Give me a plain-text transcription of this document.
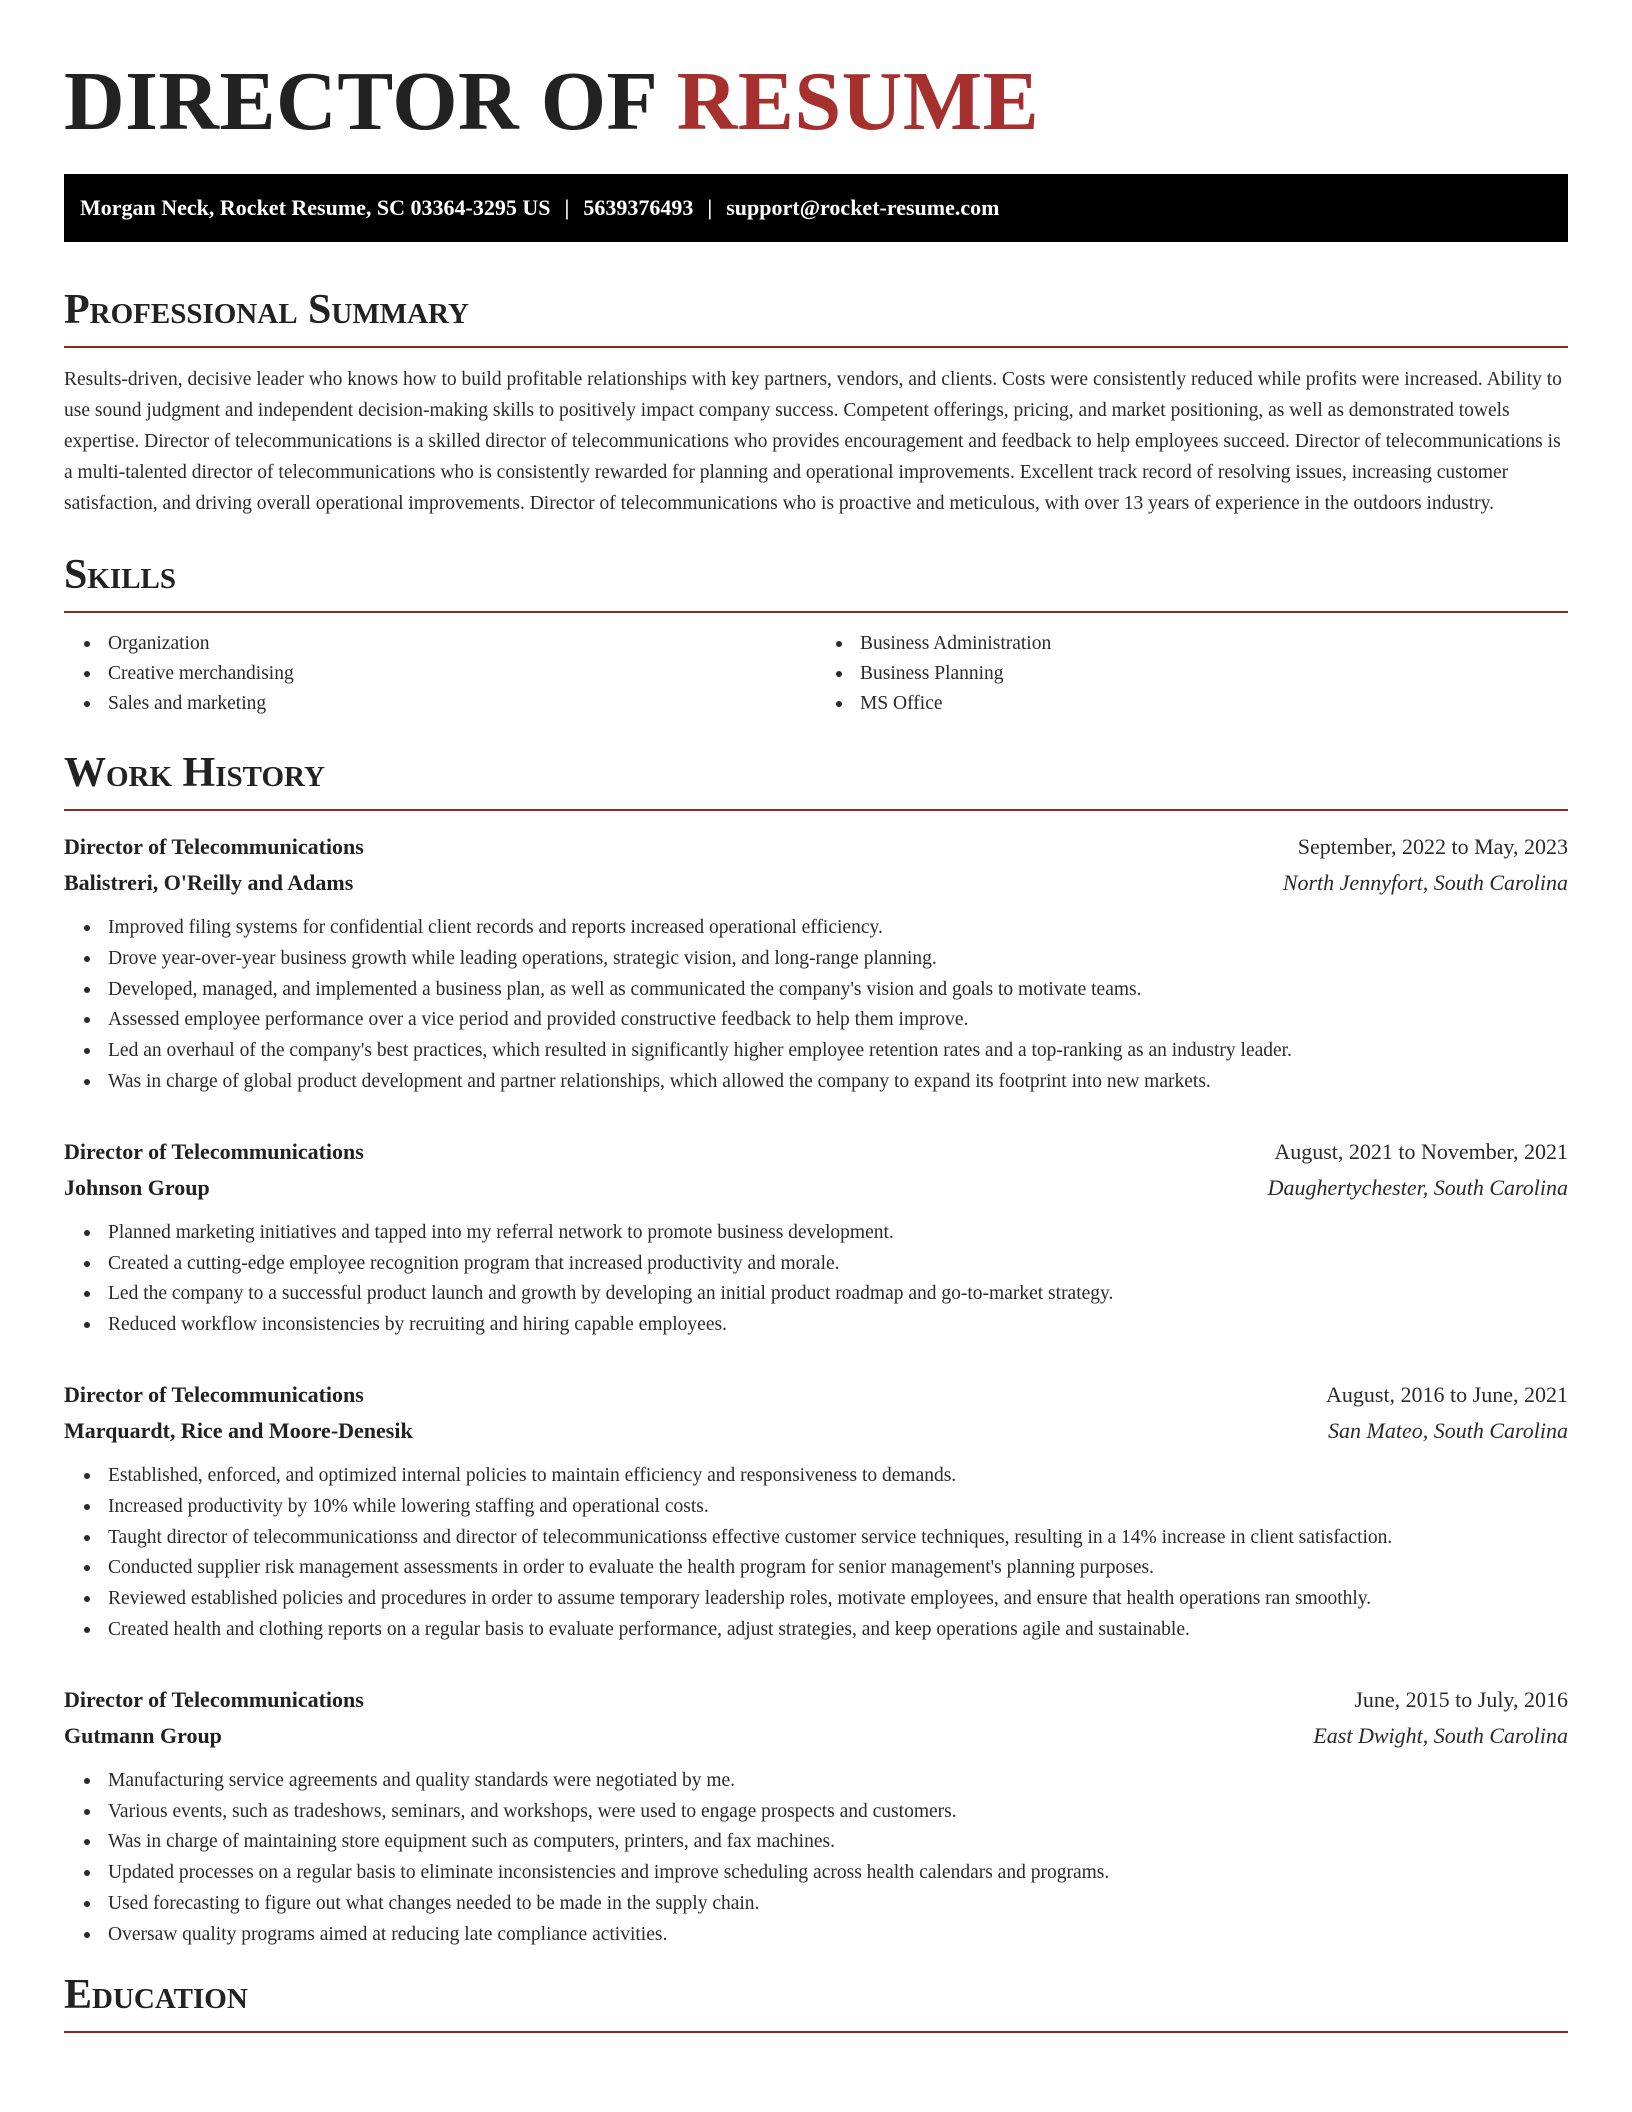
DIRECTOR OF RESUME
Morgan Neck, Rocket Resume, SC 03364-3295 US | 5639376493 | support@rocket-resume.com
Professional Summary

Results-driven, decisive leader who knows how to build profitable relationships with key partners, vendors, and clients. Costs were consistently reduced while profits were increased. Ability to use sound judgment and independent decision-making skills to positively impact company success. Competent offerings, pricing, and market positioning, as well as demonstrated towels expertise. Director of telecommunications is a skilled director of telecommunications who provides encouragement and feedback to help employees succeed. Director of telecommunications is a multi-talented director of telecommunications who is consistently rewarded for planning and operational improvements. Excellent track record of resolving issues, increasing customer satisfaction, and driving overall operational improvements. Director of telecommunications who is proactive and meticulous, with over 13 years of experience in the outdoors industry.

Skills
Organization
Creative merchandising
Sales and marketing
Business Administration
Business Planning
MS Office
Work History
Director of Telecommunications	September, 2022 to May, 2023
Balistreri, O'Reilly and Adams	North Jennyfort, South Carolina
Improved filing systems for confidential client records and reports increased operational efficiency.
Drove year-over-year business growth while leading operations, strategic vision, and long-range planning.
Developed, managed, and implemented a business plan, as well as communicated the company's vision and goals to motivate teams.
Assessed employee performance over a vice period and provided constructive feedback to help them improve.
Led an overhaul of the company's best practices, which resulted in significantly higher employee retention rates and a top-ranking as an industry leader.
Was in charge of global product development and partner relationships, which allowed the company to expand its footprint into new markets.
Director of Telecommunications	August, 2021 to November, 2021
Johnson Group	Daughertychester, South Carolina
Planned marketing initiatives and tapped into my referral network to promote business development.
Created a cutting-edge employee recognition program that increased productivity and morale.
Led the company to a successful product launch and growth by developing an initial product roadmap and go-to-market strategy.
Reduced workflow inconsistencies by recruiting and hiring capable employees.
Director of Telecommunications	August, 2016 to June, 2021
Marquardt, Rice and Moore-Denesik	San Mateo, South Carolina
Established, enforced, and optimized internal policies to maintain efficiency and responsiveness to demands.
Increased productivity by 10% while lowering staffing and operational costs.
Taught director of telecommunicationss and director of telecommunicationss effective customer service techniques, resulting in a 14% increase in client satisfaction.
Conducted supplier risk management assessments in order to evaluate the health program for senior management's planning purposes.
Reviewed established policies and procedures in order to assume temporary leadership roles, motivate employees, and ensure that health operations ran smoothly.
Created health and clothing reports on a regular basis to evaluate performance, adjust strategies, and keep operations agile and sustainable.
Director of Telecommunications	June, 2015 to July, 2016
Gutmann Group	East Dwight, South Carolina
Manufacturing service agreements and quality standards were negotiated by me.
Various events, such as tradeshows, seminars, and workshops, were used to engage prospects and customers.
Was in charge of maintaining store equipment such as computers, printers, and fax machines.
Updated processes on a regular basis to eliminate inconsistencies and improve scheduling across health calendars and programs.
Used forecasting to figure out what changes needed to be made in the supply chain.
Oversaw quality programs aimed at reducing late compliance activities.
Education
